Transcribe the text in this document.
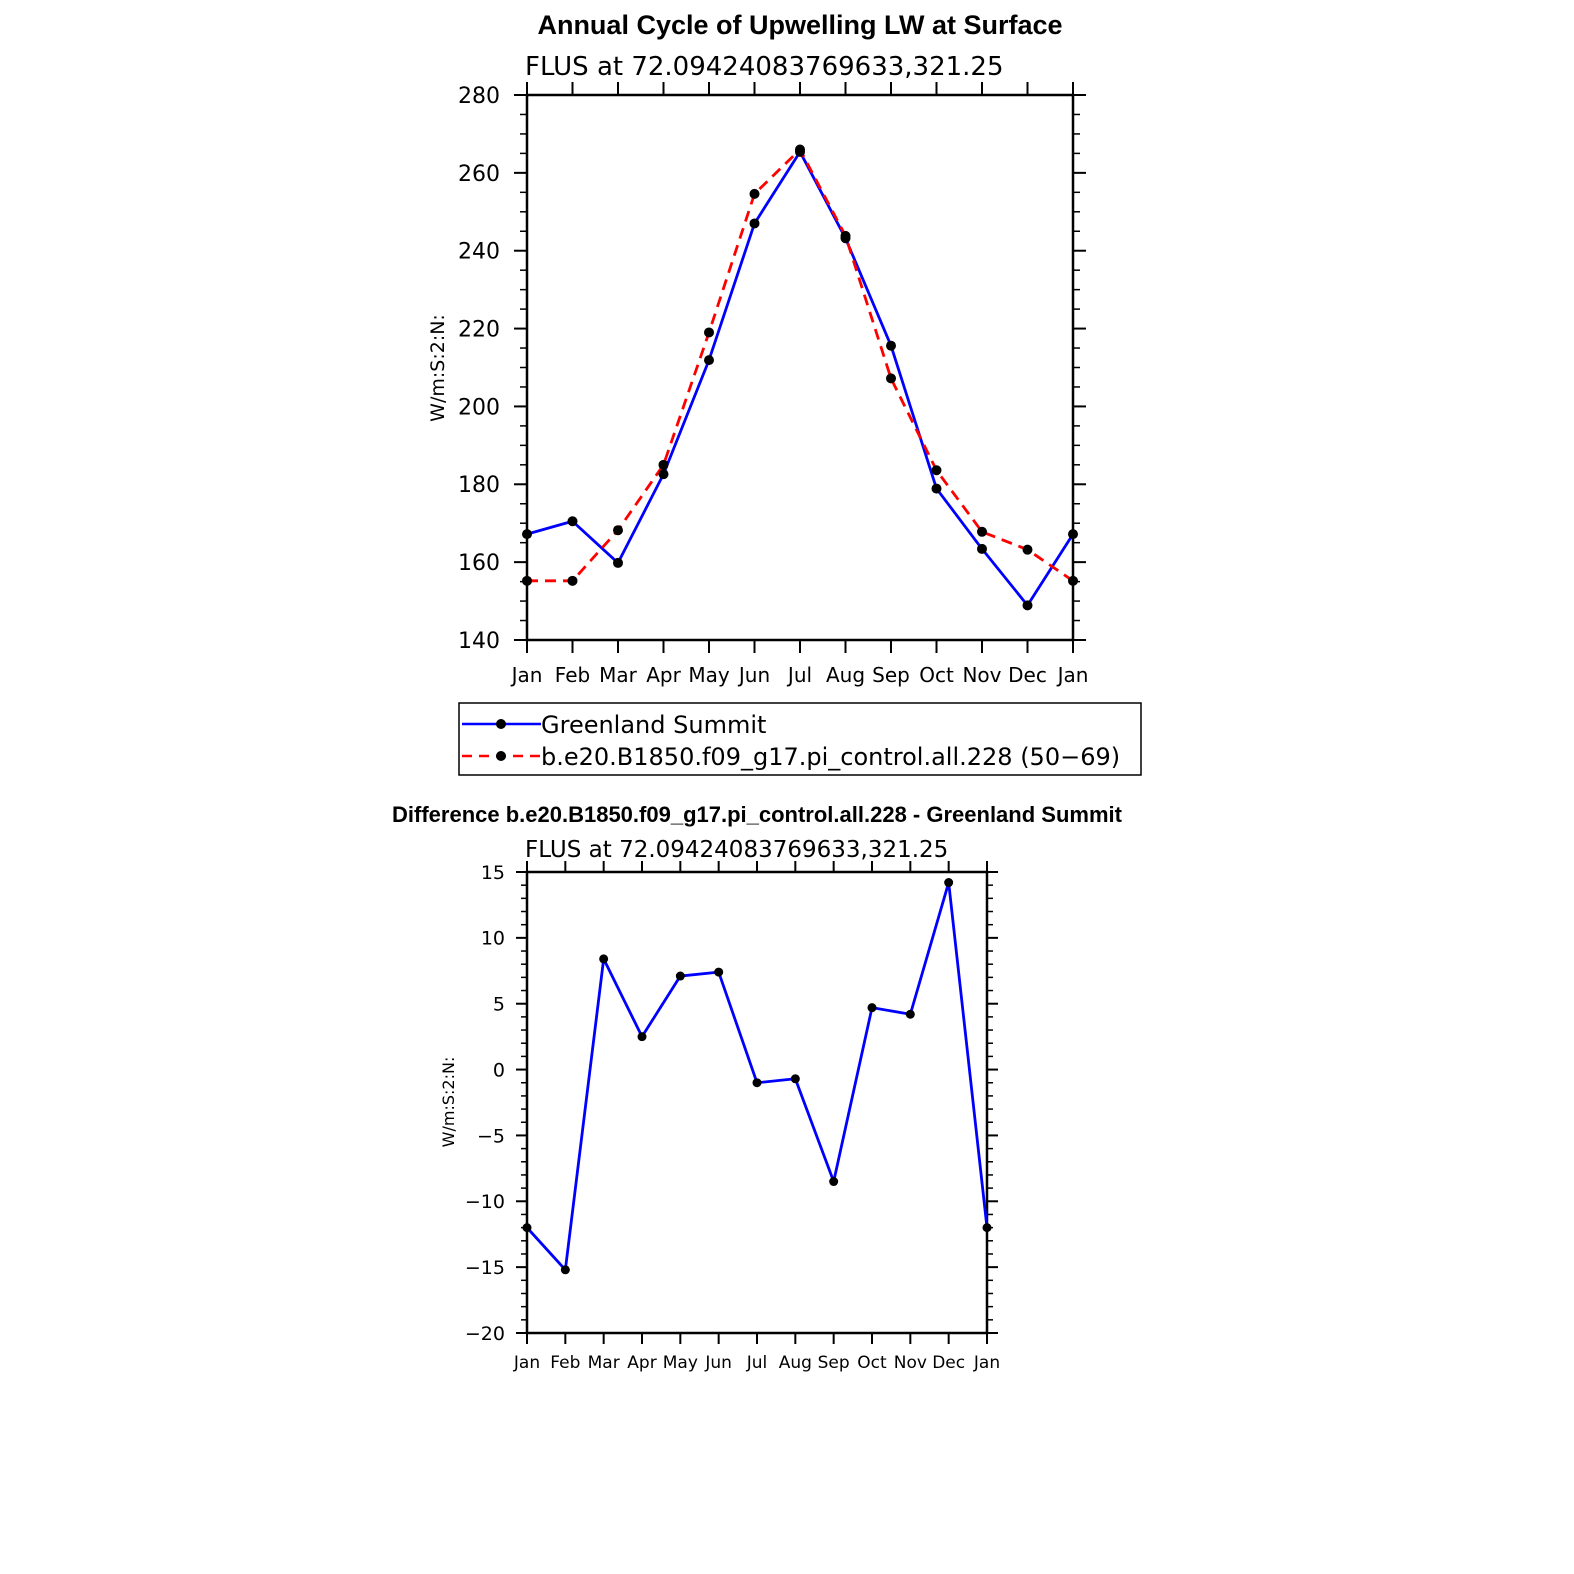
Annual Cycle of Upwelling LW at Surface
FLUS at 72.09424083769633,321.25
W/m:S:2:N:
Jan Feb Mar Apr May Jun Jul Aug Sep Oct Nov Dec Jan
140
160
180
200
220
240
260
280
Greenland Summit
b.e20.B1850.f09_g17.pi_control.all.228 (50−69)
Difference b.e20.B1850.f09_g17.pi_control.all.228 - Greenland Summit
FLUS at 72.09424083769633,321.25
W/m:S:2:N:
Jan Feb Mar Apr May Jun Jul Aug Sep Oct Nov Dec Jan
−20
−15
−10
−5
0
5
10
15
